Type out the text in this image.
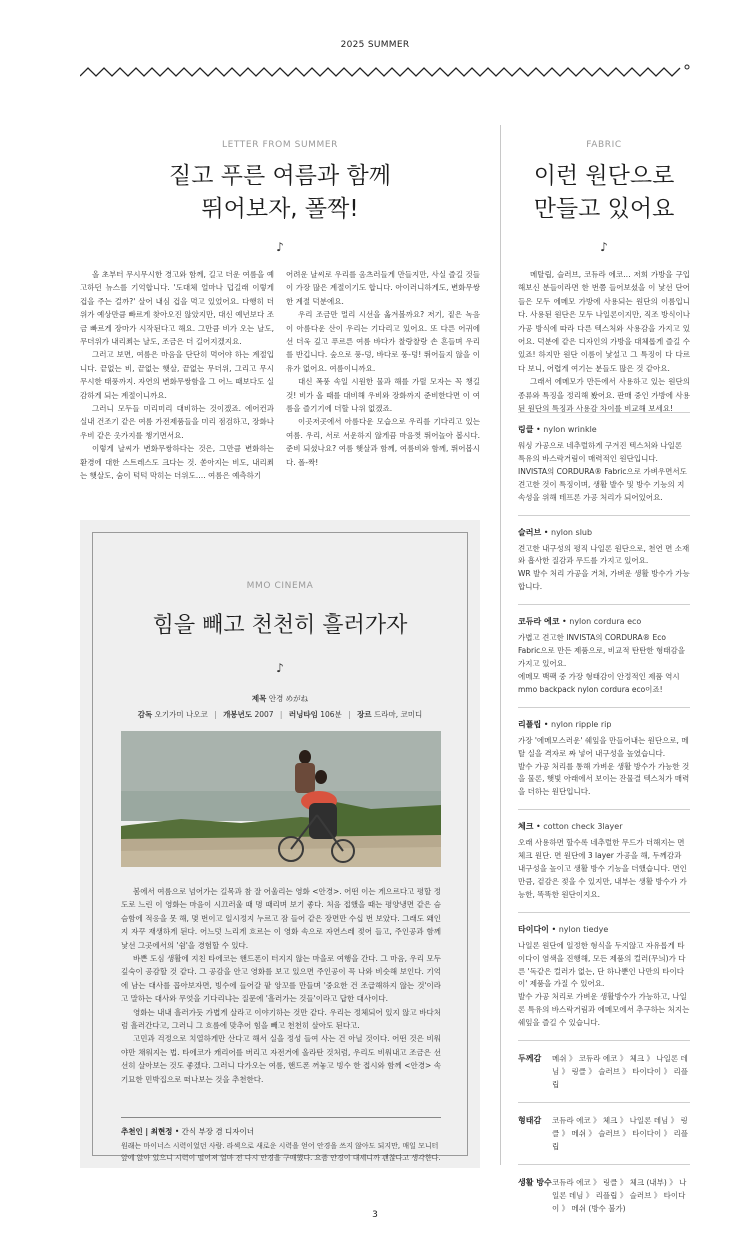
2025 SUMMER
LETTER FROM SUMMER
짙고 푸른 여름과 함께
뛰어보자, 폴짝!
♪

올 초부터 무시무시한 경고와 함께, 길고 더운 여름을 예고하던 뉴스를 기억합니다. '도대체 얼마나 덥길래 이렇게 겁을 주는 걸까?' 살어 내심 겁을 먹고 있었어요. 다행히 더위가 예상만큼 빠르게 찾아오진 않았지만, 대신 예년보다 조금 빠르게 장마가 시작된다고 해요. 그만큼 비가 오는 날도, 무더위가 내리쬐는 날도, 조금은 더 길어지겠지요.

그러고 보면, 여름은 마음을 단단히 먹어야 하는 계절입니다. 끝없는 비, 끝없는 햇살, 끝없는 무더위, 그리고 무시무시한 태풍까지. 자연의 변화무쌍함을 그 어느 때보다도 실감하게 되는 계절이니까요.

그러니 모두들 미리미리 대비하는 것이겠죠. 에어컨과 실내 건조기 같은 여름 가전제품들을 미리 점검하고, 장화나 우비 같은 옷가지를 챙기면서요.

이렇게 날씨가 변화무쌍하다는 것은, 그만큼 변화하는 환경에 대한 스트레스도 크다는 것. 쏟아지는 비도, 내리쬐는 햇살도, 숨이 턱턱 막히는 더위도…. 여름은 예측하기

어려운 날씨로 우리를 옴츠러들게 만들지만, 사실 즐길 것들이 가장 많은 계절이기도 합니다. 아이러니하게도, 변화무쌍한 계절 덕분에요.

우리 조금만 멀리 시선을 옮겨볼까요? 저기, 짙은 녹음이 아름다운 산이 우리는 기다리고 있어요. 또 다른 어귀에선 더욱 깊고 푸르른 여름 바다가 찰랑찰랑 손 흔들며 우리를 반깁니다. 숲으로 풍-덩, 바다로 풍-덩! 뛰어들지 않을 이유가 없어요. 여름이니까요.

대신 폭풍 속일 시원한 물과 해를 가릴 모자는 꼭 챙길 것! 비가 올 때를 대비해 우비와 장화까지 준비한다면 이 여름을 즐기기에 더할 나위 없겠죠.

이곳저곳에서 아름다운 모습으로 우리를 기다리고 있는 여름. 우리, 서로 서운하지 않게끔 마음껏 뛰어놀아 봅시다. 준비 되셨나요? 여름 햇살과 함께, 여름비와 함께, 뛰어봅시다. 폴-짝!

MMO CINEMA
힘을 빼고 천천히 흘러가자
♪
제목 안경 めがね
감독 오기가미 나오코 | 개봉년도 2007 | 러닝타임 106분 | 장르 드라마, 코미디

봄에서 여름으로 넘어가는 길목과 참 잘 어울리는 영화 <안경>. 어떤 이는 게으르다고 평할 정도로 느린 이 영화는 마음이 시끄러울 때 명 때리며 보기 좋다. 처음 접했을 때는 평양냉면 같은 슴슴함에 적응을 못 해, 몇 번이고 일시정지 누르고 잠 들어 같은 장면만 수십 번 보았다. 그래도 왜인지 자꾸 재생하게 된다. 어느덧 느리게 흐르는 이 영화 속으로 자연스레 젖어 들고, 주인공과 함께 낯선 그곳에서의 '쉼'을 경험할 수 있다.

바쁜 도심 생활에 지친 타에코는 핸드폰이 터지지 않는 마을로 여행을 간다. 그 마음, 우리 모두 깊숙이 공감할 것 같다. 그 공감을 안고 영화를 보고 있으면 주인공이 꼭 나와 비슷해 보인다. 기억에 남는 대사를 꼽아보자면, 빙수에 들어갈 팥 앙꼬를 만들며 '중요한 건 조급해하지 않는 것'이라고 말하는 대사와 무엇을 기다리냐는 질문에 '흘러가는 것들'이라고 답한 대사이다.

영화는 내내 흘러가듯 가볍게 살라고 이야기하는 것만 같다. 우리는 정체되어 있지 않고 바다처럼 흘러간다고, 그러니 그 흐름에 맞추어 힘을 빼고 천천히 살아도 된다고.

고민과 걱정으로 치열하게만 산다고 해서 실을 정성 들여 사는 건 아닐 것이다. 어떤 것은 비워야만 채워지는 법. 타에코가 캐리어를 버리고 자전거에 올라탄 것처럼, 우리도 비워내고 조금은 선선히 살아보는 것도 좋겠다. 그러니 다가오는 여름, 핸드폰 꺼놓고 빙수 한 접시와 함께 <안경> 속 기묘한 민박집으로 떠나보는 것을 추천한다.

추천인 | 최현정 • 간식 부장 겸 디자이너
원래는 마이너스 시력이었던 사람. 라섹으로 새로운 시력을 얻어 안경을 쓰지 않아도 되지만, 매일 모니터 앞에 앉아 있으니 시력이 떨어져 얼마 전 다시 안경을 구매했다. 요즘 안경이 대세니까 괜찮다고 생각한다.
FABRIC
이런 원단으로
만들고 있어요
♪

메탈립, 슬러브, 코듀라 에코… 저희 가방을 구입해보신 분들이라면 한 번쯤 들어보셨을 이 낯선 단어들은 모두 에메모 가방에 사용되는 원단의 이름입니다. 사용된 원단은 모두 나일론이지만, 직조 방식이나 가공 방식에 따라 다른 텍스처와 사용감을 가지고 있어요. 덕분에 같은 디자인의 가방을 대체롭게 즐길 수 있죠! 하지만 원단 이름이 낯설고 그 특징이 다 다르다 보니, 어렵게 여기는 분들도 많은 것 같아요.

그래서 에메모가 만든에서 사용하고 있는 원단의 종류와 특징을 정리해 봤어요. 판매 중인 가방에 사용된 원단의 특징과 사용감 차이를 비교해 보세요!

링클 • nylon wrinkle
워싱 가공으로 네추럴하게 구겨진 텍스처와 나일론 특유의 바스락거림이 매력적인 원단입니다.
INVISTA의 CORDURA® Fabric으로 가벼우면서도 견고한 것이 특징이며, 생활 발수 및 방수 기능의 지속성을 위해 테프론 가공 처리가 되어있어요.
슬러브 • nylon slub
견고한 내구성의 평직 나일론 원단으로, 천연 면 소재와 흡사한 질감과 무드를 가지고 있어요.
WR 발수 처리 가공을 거쳐, 가벼운 생활 방수가 가능합니다.
코듀라 에코 • nylon cordura eco
가볍고 견고한 INVISTA의 CORDURA® Eco Fabric으로 만든 제품으로, 비교적 탄탄한 형태감을 가지고 있어요.
에메모 백팩 중 가장 형태감이 안정적인 제품 역시 mmo backpack nylon cordura eco이죠!
리플립 • nylon ripple rip
가장 '에메모스러운' 쉐잎을 만들어내는 원단으로, 메탈 실을 격자로 짜 넣어 내구성을 높였습니다.
발수 가공 처리를 통해 가벼운 생활 방수가 가능한 것을 물론, 햇빛 아래에서 보이는 잔물결 텍스처가 매력을 더하는 원단입니다.
체크 • cotton check 3layer
오래 사용하면 할수록 네추럴한 무드가 더해지는 면 체크 원단. 면 원단에 3 layer 가공을 해, 두께감과 내구성을 높이고 생활 방수 기능을 더했습니다. 면인 만큼, 겉감은 젖을 수 있지만, 내부는 생활 방수가 가능한, 똑똑한 원단이지요.
타이다이 • nylon tiedye
나일론 원단에 일정한 형식을 두지않고 자유롭게 타이다이 염색을 진행해, 모든 제품의 컬러(무늬)가 다른 '독같은 컬러가 없는, 단 하나뿐인 나만의 타이다이' 제품을 가질 수 있어요.
발수 가공 처리로 가벼운 생활방수가 가능하고, 나일론 특유의 바스락거림과 에메모에서 추구하는 처지는 쉐잎을 즐길 수 있습니다.
두께감	메쉬 》 코듀라 에코 》 체크 》 나일론 데님 》 링클 》 슬러브 》 타이다이 》 리플립
형태감	코듀라 에코 》 체크 》 나일론 데님 》 링클 》 메쉬 》 슬러브 》 타이다이 》 리플립
생활 방수 코듀라 에코 》 링클 》 체크 (내부) 》 나일론 데님 》 리플립 》 슬러브 》 타이다이 》 메쉬 (방수 불가)
3
